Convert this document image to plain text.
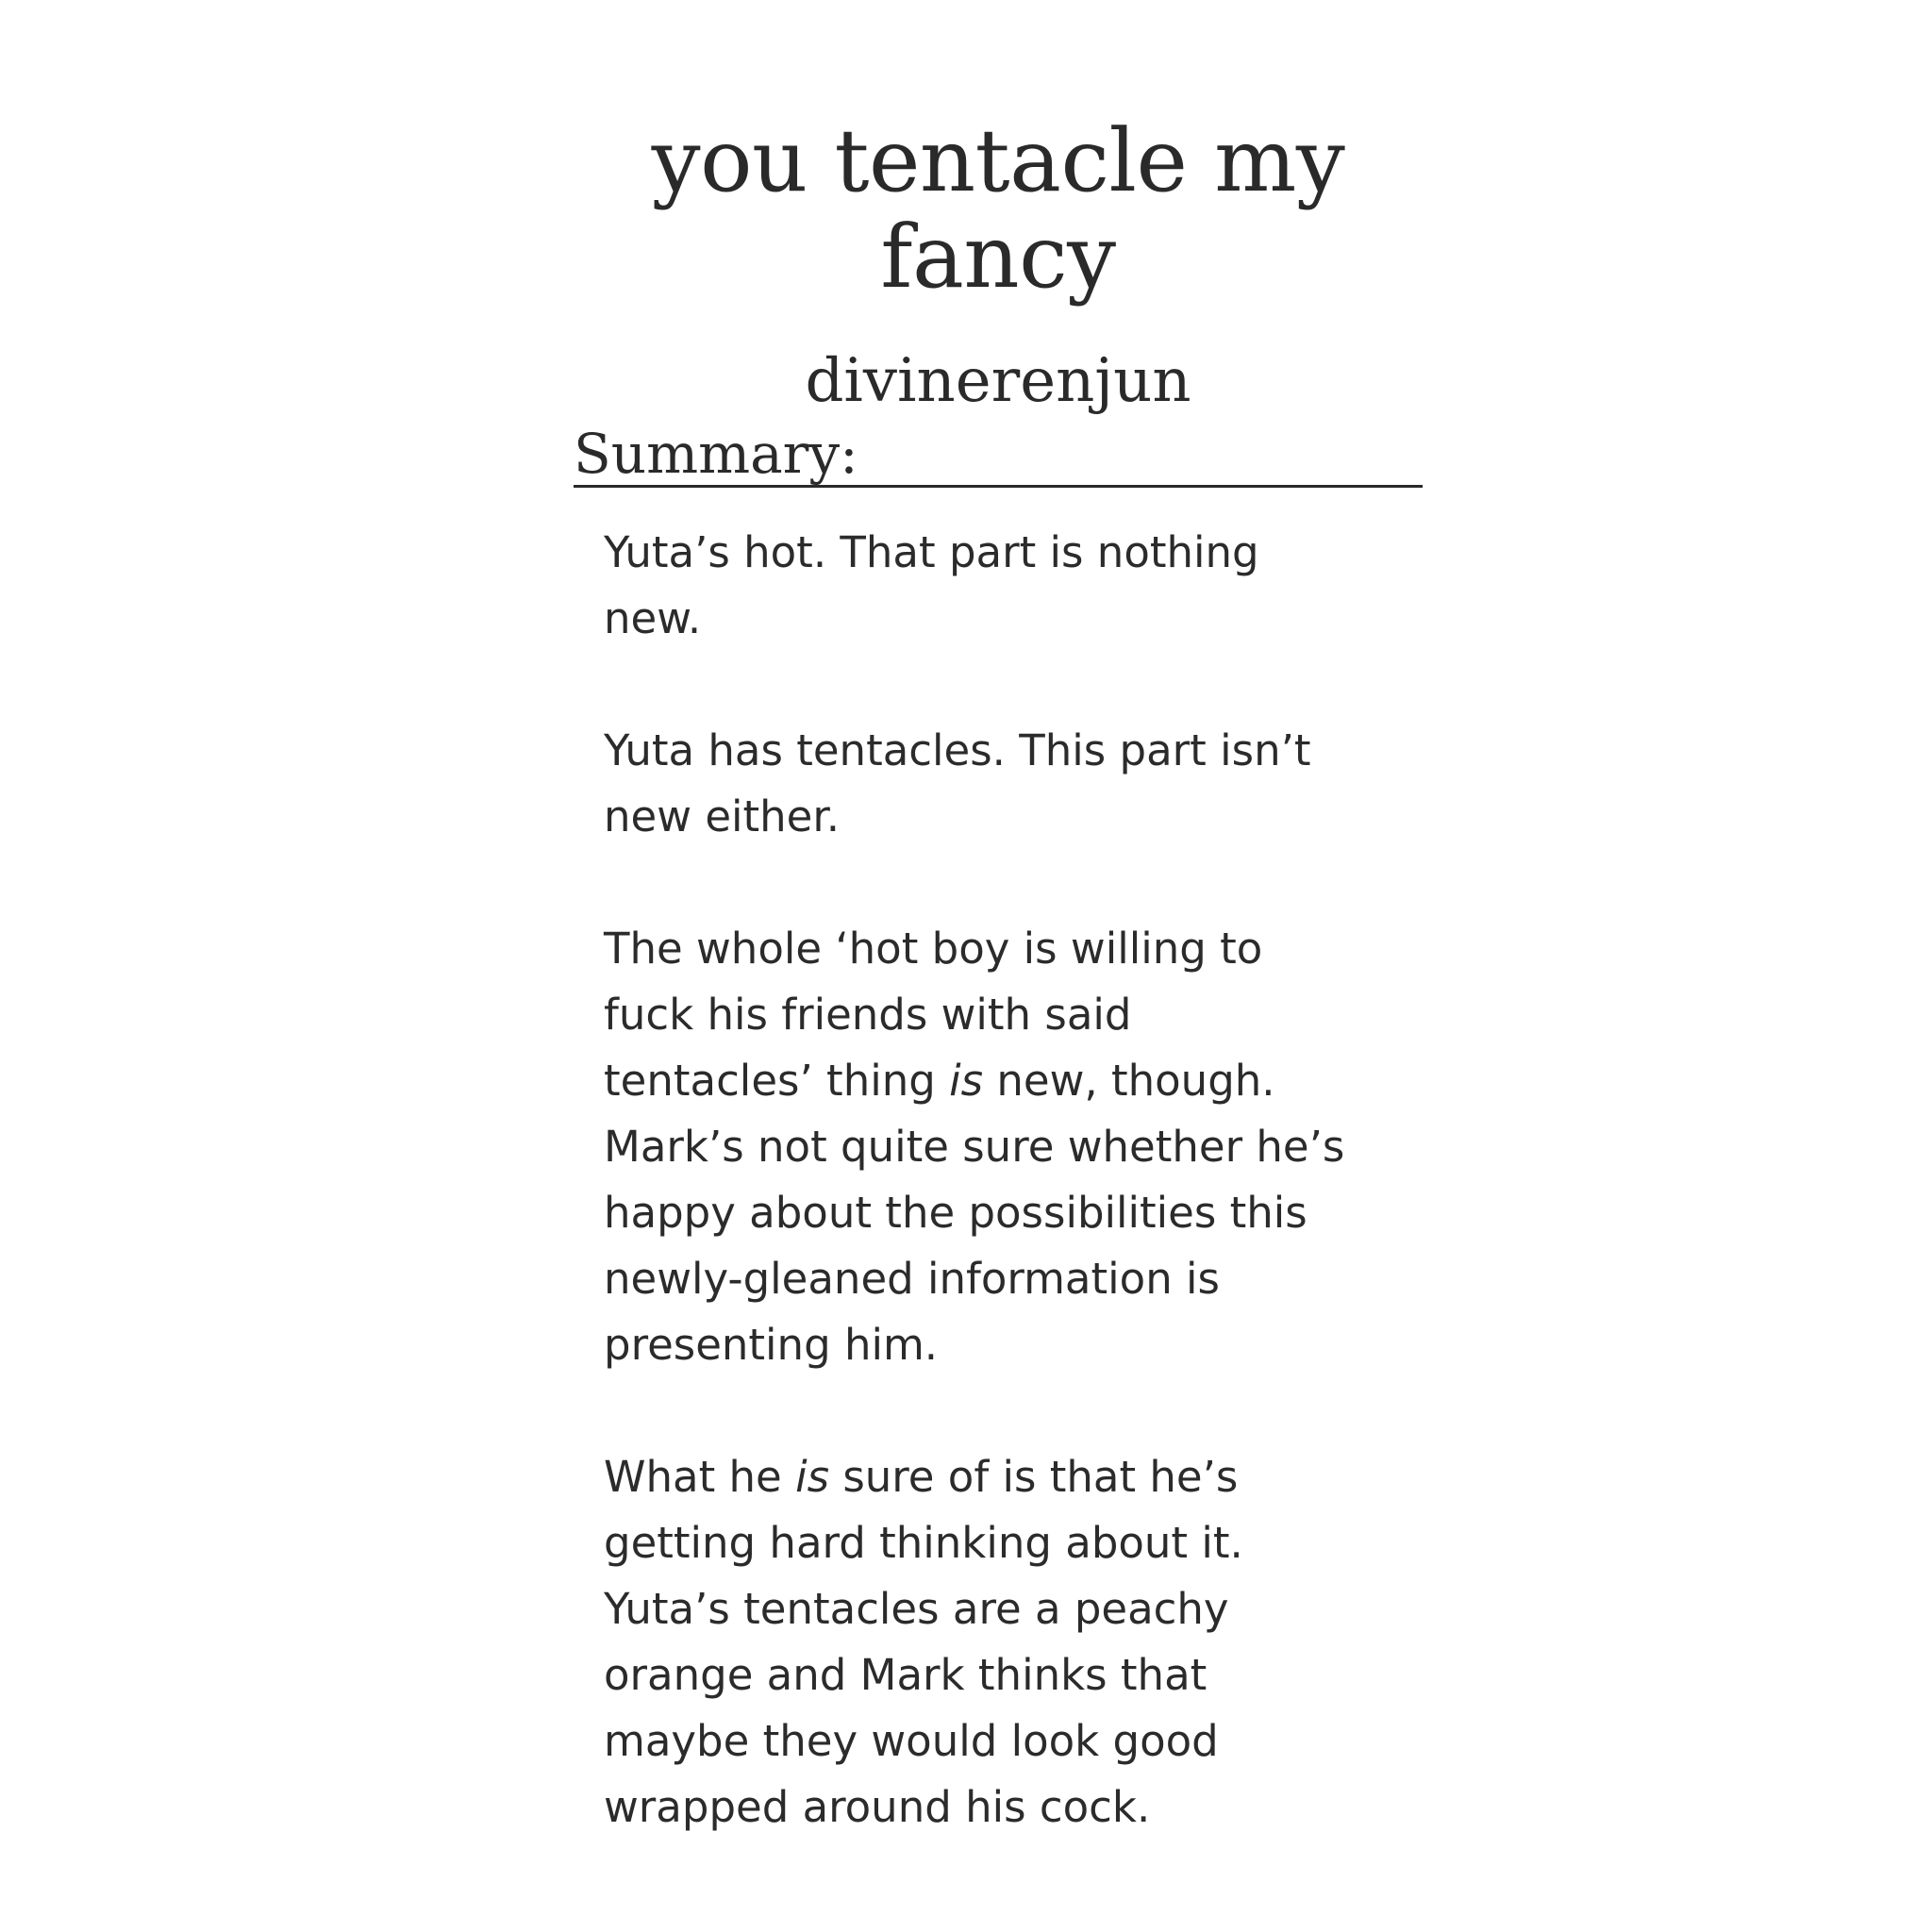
you tentacle my
fancy
divinerenjun
Summary:

Yuta’s hot. That part is nothing
new.

Yuta has tentacles. This part isn’t
new either.

The whole ‘hot boy is willing to
fuck his friends with said
tentacles’ thing is new, though.
Mark’s not quite sure whether he’s
happy about the possibilities this
newly-gleaned information is
presenting him.

What he is sure of is that he’s
getting hard thinking about it.
Yuta’s tentacles are a peachy
orange and Mark thinks that
maybe they would look good
wrapped around his cock.
